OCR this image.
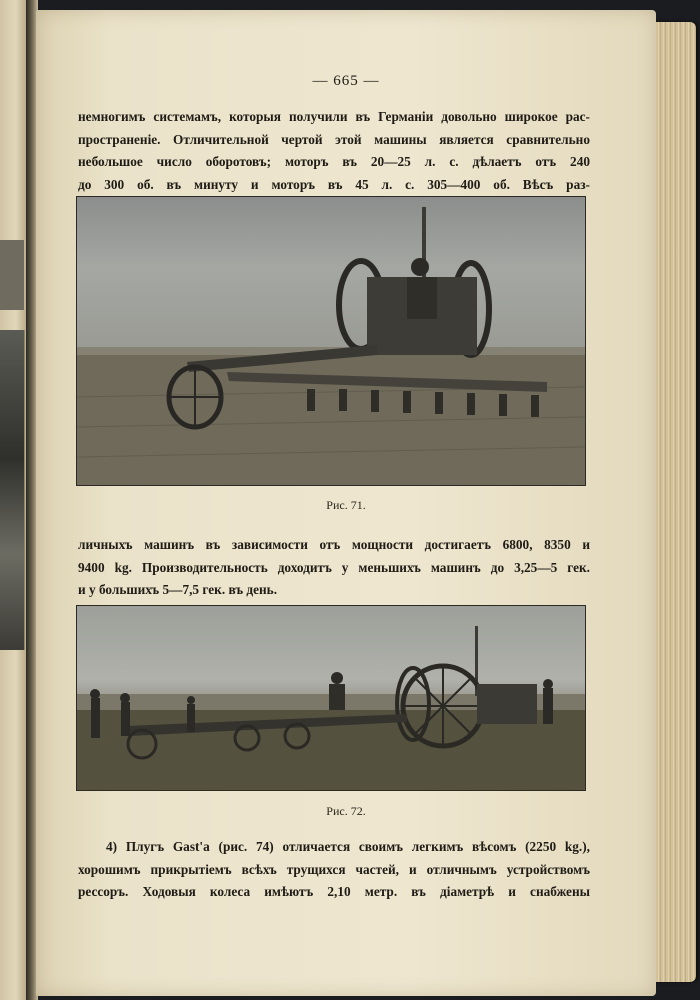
— 665 —
немногимъ системамъ, которыя получили въ Германіи довольно широкое рас-
пространеніе. Отличительной чертой этой машины является сравнительно
небольшое число оборотовъ; моторъ въ 20—25 л. с. дѣлаетъ отъ 240
до 300 об. въ минуту и моторъ въ 45 л. с. 305—400 об. Вѣсъ раз-
Рис. 71.
личныхъ машинъ въ зависимости отъ мощности достигаетъ 6800, 8350 и
9400 kg. Производительность доходитъ у меньшихъ машинъ до 3,25—5 гек.
и у большихъ 5—7,5 гек. въ день.
Рис. 72.
4) Плугъ Gast'а (рис. 74) отличается своимъ легкимъ вѣсомъ (2250 kg.),
хорошимъ прикрытіемъ всѣхъ трущихся частей, и отличнымъ устройствомъ
рессоръ. Ходовыя колеса имѣютъ 2,10 метр. въ діаметрѣ и снабжены
